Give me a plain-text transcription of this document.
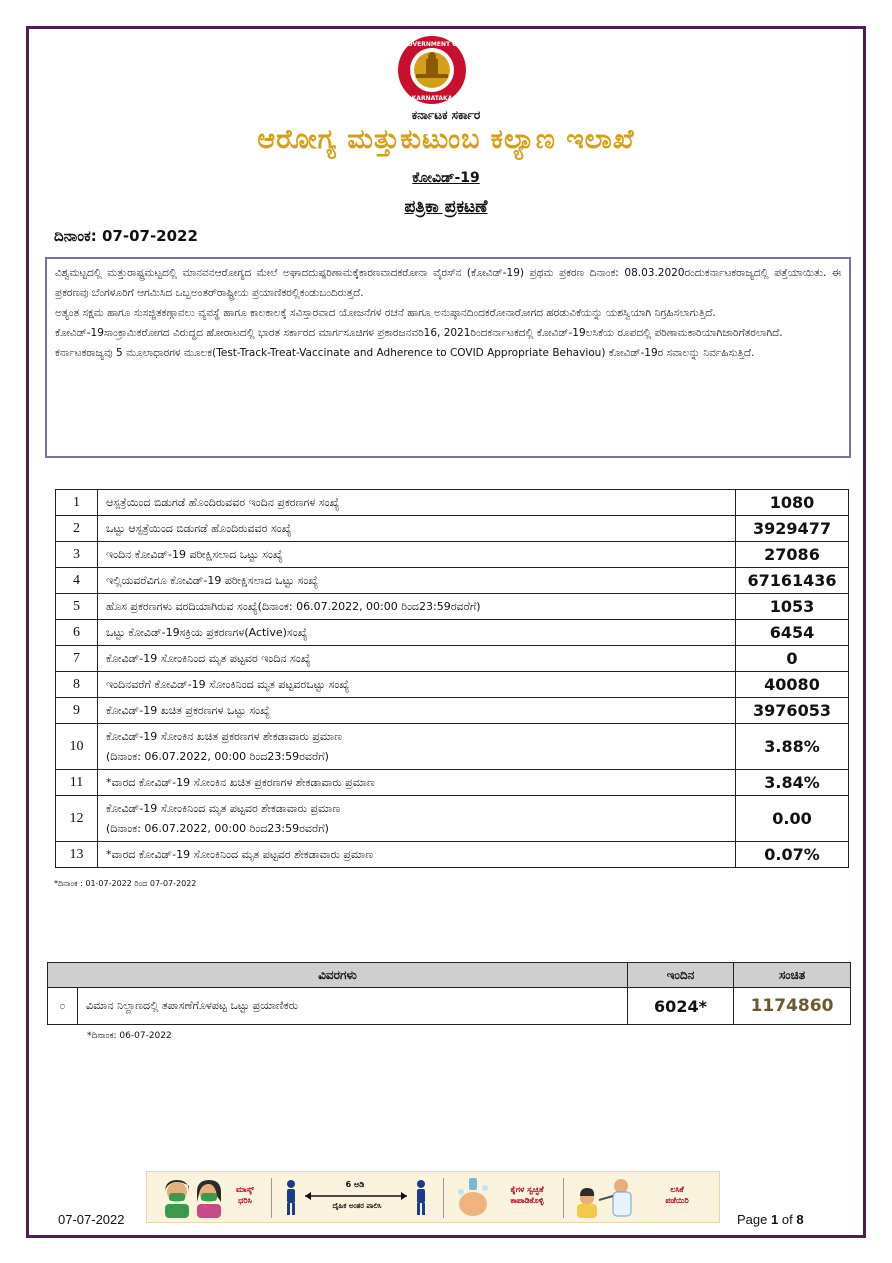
GOVERNMENT OF
KARNATAKA
ಕರ್ನಾಟಕ ಸರ್ಕಾರ
ಆರೋಗ್ಯ ಮತ್ತುಕುಟುಂಬ ಕಲ್ಯಾಣ ಇಲಾಖೆ
ಕೋವಿಡ್-19
ಪತ್ರಿಕಾ ಪ್ರಕಟಣೆ
ದಿನಾಂಕ: 07-07-2022

ವಿಶ್ವಮಟ್ಟದಲ್ಲಿ ಮತ್ತುರಾಷ್ಟ್ರಮಟ್ಟದಲ್ಲಿ ಮಾನವನಆರೋಗ್ಯದ ಮೇಲೆ ಅಘಾದದುಷ್ಪರಿಣಾಮಕ್ಕೆಕಾರಣವಾದಕರೋನಾ ವೈರಸ್‍ನ (ಕೋವಿಡ್-19) ಪ್ರಥಮ ಪ್ರಕರಣ ದಿನಾಂಕ: 08.03.2020ರಂದುಕರ್ನಾಟಕರಾಜ್ಯದಲ್ಲಿ ಪತ್ತೆಯಾಯಿತು. ಈ ಪ್ರಕರಣವು ಬೆಂಗಳೂರಿಗೆ ಆಗಮಿಸಿದ ಒಬ್ಬಅಂತರ್‌ರಾಷ್ಟ್ರೀಯ ಪ್ರಯಾಣಿಕರಲ್ಲಿಕಂಡುಬಂದಿರುತ್ತದೆ.

ಅತ್ಯಂತ ಸಕ್ಷಮ ಹಾಗೂ ಸುಸಜ್ಜಿತಕಣ್ಗಾವಲು ವ್ಯವಸ್ಥೆ ಹಾಗೂ ಕಾಲಕಾಲಕ್ಕೆ ಸವಿಸ್ತಾರವಾದ ಯೋಜನೆಗಳ ರಚನೆ ಹಾಗೂ ಅನುಷ್ಠಾನದಿಂದಕರೋನಾರೋಗದ ಹರಡುವಿಕೆಯನ್ನು ಯಶಸ್ವಿಯಾಗಿ ನಿಗ್ರಹಿಸಲಾಗುತ್ತಿದೆ.

ಕೋವಿಡ್-19ಸಾಂಕ್ರಾಮಿಕರೋಗದ ವಿರುದ್ಧದ ಹೋರಾಟದಲ್ಲಿ ಭಾರತ ಸರ್ಕಾರದ ಮಾರ್ಗಸೂಚಿಗಳ ಪ್ರಕಾರಜನವರಿ16, 2021ರಿಂದಕರ್ನಾಟಕದಲ್ಲಿ ಕೋವಿಡ್-19ಲಸಿಕೆಯ ರೂಪದಲ್ಲಿ ಪರಿಣಾಮಕಾರಿಯಾಗಿಜಾರಿಗೆತರಲಾಗಿದೆ.

ಕರ್ನಾಟಕರಾಜ್ಯವು 5 ಮೂಲಾಧಾರಗಳ ಮೂಲಕ(Test-Track-Treat-Vaccinate and Adherence to COVID Appropriate Behaviou) ಕೋವಿಡ್-19ರ ಸವಾಲನ್ನು ನಿರ್ವಹಿಸುತ್ತಿದೆ.

1	ಆಸ್ಪತ್ರೆಯಿಂದ ಬಿಡುಗಡೆ ಹೊಂದಿರುವವರ ಇಂದಿನ ಪ್ರಕರಣಗಳ ಸಂಖ್ಯೆ	1080
2	ಒಟ್ಟು ಆಸ್ಪತ್ರೆಯಿಂದ ಬಿಡುಗಡೆ ಹೊಂದಿರುವವರ ಸಂಖ್ಯೆ	3929477
3	ಇಂದಿನ ಕೋವಿಡ್-19 ಪರೀಕ್ಷಿಸಲಾದ ಒಟ್ಟು ಸಂಖ್ಯೆ	27086
4	ಇಲ್ಲಿಯವರೆವಿಗೂ ಕೋವಿಡ್-19 ಪರೀಕ್ಷಿಸಲಾದ ಒಟ್ಟು ಸಂಖ್ಯೆ	67161436
5	ಹೊಸ ಪ್ರಕರಣಗಳು ವರದಿಯಾಗಿರುವ ಸಂಖ್ಯೆ(ದಿನಾಂಕ: 06.07.2022, 00:00 ರಿಂದ23:59ರವರೆಗೆ)	1053
6	ಒಟ್ಟು ಕೋವಿಡ್-19ಸಕ್ರಿಯ ಪ್ರಕರಣಗಳ(Active)ಸಂಖ್ಯೆ	6454
7	ಕೋವಿಡ್-19 ಸೋಂಕಿನಿಂದ ಮೃತ ಪಟ್ಟವರ ಇಂದಿನ ಸಂಖ್ಯೆ	0
8	ಇಂದಿನವರೆಗೆ ಕೋವಿಡ್-19 ಸೋಂಕಿನಿಂದ ಮೃತ ಪಟ್ಟವರಒಟ್ಟು ಸಂಖ್ಯೆ	40080
9	ಕೋವಿಡ್-19 ಖಚಿತ ಪ್ರಕರಣಗಳ ಒಟ್ಟು ಸಂಖ್ಯೆ	3976053
10	ಕೋವಿಡ್-19 ಸೋಂಕಿನ ಖಚಿತ ಪ್ರಕರಣಗಳ ಶೇಕಡಾವಾರು ಪ್ರಮಾಣ
(ದಿನಾಂಕ: 06.07.2022, 00:00 ರಿಂದ23:59ರವರೆಗೆ)	3.88%
11	*ವಾರದ ಕೋವಿಡ್-19 ಸೋಂಕಿನ ಖಚಿತ ಪ್ರಕರಣಗಳ ಶೇಕಡಾವಾರು ಪ್ರಮಾಣ	3.84%
12	ಕೋವಿಡ್-19 ಸೋಂಕಿನಿಂದ ಮೃತ ಪಟ್ಟವರ ಶೇಕಡಾವಾರು ಪ್ರಮಾಣ
(ದಿನಾಂಕ: 06.07.2022, 00:00 ರಿಂದ23:59ರವರೆಗೆ)	0.00
13	*ವಾರದ ಕೋವಿಡ್-19 ಸೋಂಕಿನಿಂದ ಮೃತ ಪಟ್ಟವರ ಶೇಕಡಾವಾರು ಪ್ರಮಾಣ	0.07%
*ದಿನಾಂಕ : 01-07-2022 ರಿಂದ 07-07-2022
ವಿವರಗಳು		ಇಂದಿನ	ಸಂಚಿತ
೦	ವಿಮಾನ ನಿಲ್ದಾಣದಲ್ಲಿ ತಪಾಸಣೆಗೊಳಪಟ್ಟ ಒಟ್ಟು ಪ್ರಯಾಣಿಕರು	6024*	1174860
*ದಿನಾಂಕ: 06-07-2022
ಮಾಸ್ಕ್
ಧರಿಸಿ
6 ಅಡಿ
ದೈಹಿಕ ಅಂತರ ಪಾಲಿಸಿ
ಕೈಗಳ ಸ್ವಚ್ಛತೆ
ಕಾಪಾಡಿಕೊಳ್ಳಿ
ಲಸಿಕೆ
ಪಡೆಯಿರಿ
07-07-2022	Page 1 of 8
